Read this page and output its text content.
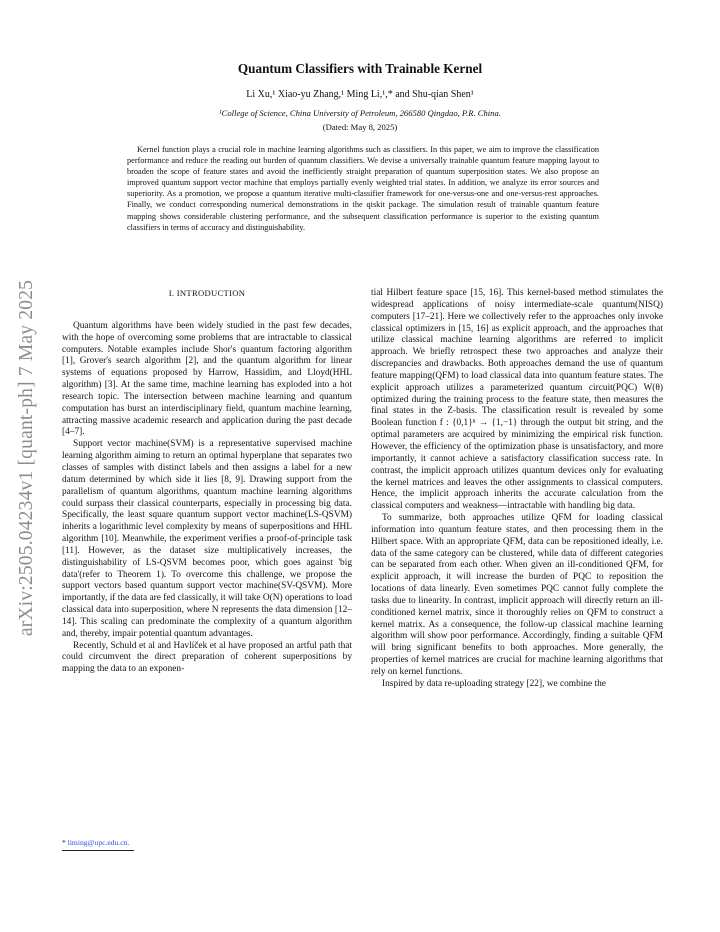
arXiv:2505.04234v1 [quant-ph] 7 May 2025
Quantum Classifiers with Trainable Kernel
Li Xu,¹ Xiao-yu Zhang,¹ Ming Li,¹,* and Shu-qian Shen¹
¹College of Science, China University of Petroleum, 266580 Qingdao, P.R. China.
(Dated: May 8, 2025)
Kernel function plays a crucial role in machine learning algorithms such as classifiers. In this paper, we aim to improve the classification performance and reduce the reading out burden of quantum classifiers. We devise a universally trainable quantum feature mapping layout to broaden the scope of feature states and avoid the inefficiently straight preparation of quantum superposition states. We also propose an improved quantum support vector machine that employs partially evenly weighted trial states. In addition, we analyze its error sources and superiority. As a promotion, we propose a quantum iterative multi-classifier framework for one-versus-one and one-versus-rest approaches. Finally, we conduct corresponding numerical demonstrations in the qiskit package. The simulation result of trainable quantum feature mapping shows considerable clustering performance, and the subsequent classification performance is superior to the existing quantum classifiers in terms of accuracy and distinguishability.
I. INTRODUCTION

Quantum algorithms have been widely studied in the past few decades, with the hope of overcoming some problems that are intractable to classical computers. Notable examples include Shor's quantum factoring algorithm [1], Grover's search algorithm [2], and the quantum algorithm for linear systems of equations proposed by Harrow, Hassidim, and Lloyd(HHL algorithm) [3]. At the same time, machine learning has exploded into a hot research topic. The intersection between machine learning and quantum computation has burst an interdisciplinary field, quantum machine learning, attracting massive academic research and application during the past decade [4–7].

Support vector machine(SVM) is a representative supervised machine learning algorithm aiming to return an optimal hyperplane that separates two classes of samples with distinct labels and then assigns a label for a new datum determined by which side it lies [8, 9]. Drawing support from the parallelism of quantum algorithms, quantum machine learning algorithms could surpass their classical counterparts, especially in processing big data. Specifically, the least square quantum support vector machine(LS-QSVM) inherits a logarithmic level complexity by means of superpositions and HHL algorithm [10]. Meanwhile, the experiment verifies a proof-of-principle task [11]. However, as the dataset size multiplicatively increases, the distinguishability of LS-QSVM becomes poor, which goes against 'big data'(refer to Theorem 1). To overcome this challenge, we propose the support vectors based quantum support vector machine(SV-QSVM). More importantly, if the data are fed classically, it will take O(N) operations to load classical data into superposition, where N represents the data dimension [12–14]. This scaling can predominate the complexity of a quantum algorithm and, thereby, impair potential quantum advantages.

Recently, Schuld et al and Havlíček et al have proposed an artful path that could circumvent the direct preparation of coherent superpositions by mapping the data to an exponen-

tial Hilbert feature space [15, 16]. This kernel-based method stimulates the widespread applications of noisy intermediate-scale quantum(NISQ) computers [17–21]. Here we collectively refer to the approaches only invoke classical optimizers in [15, 16] as explicit approach, and the approaches that utilize classical machine learning algorithms are referred to implicit approach. We briefly retrospect these two approaches and analyze their discrepancies and drawbacks. Both approaches demand the use of quantum feature mapping(QFM) to load classical data into quantum feature states. The explicit approach utilizes a parameterized quantum circuit(PQC) W(θ) optimized during the training process to the feature state, then measures the final states in the Z-basis. The classification result is revealed by some Boolean function f : {0,1}ⁿ → {1,−1} through the output bit string, and the optimal parameters are acquired by minimizing the empirical risk function. However, the efficiency of the optimization phase is unsatisfactory, and more importantly, it cannot achieve a satisfactory classification success rate. In contrast, the implicit approach utilizes quantum devices only for evaluating the kernel matrices and leaves the other assignments to classical computers. Hence, the implicit approach inherits the accurate calculation from the classical computers and weakness—intractable with handling big data.

To summarize, both approaches utilize QFM for loading classical information into quantum feature states, and then processing them in the Hilbert space. With an appropriate QFM, data can be repositioned ideally, i.e. data of the same category can be clustered, while data of different categories can be separated from each other. When given an ill-conditioned QFM, for explicit approach, it will increase the burden of PQC to reposition the locations of data linearly. Even sometimes PQC cannot fully complete the tasks due to linearity. In contrast, implicit approach will directly return an ill-conditioned kernel matrix, since it thoroughly relies on QFM to construct a kernel matrix. As a consequence, the follow-up classical machine learning algorithm will show poor performance. Accordingly, finding a suitable QFM will bring significant benefits to both approaches. More generally, the properties of kernel matrices are crucial for machine learning algorithms that rely on kernel functions.

Inspired by data re-uploading strategy [22], we combine the

* liming@upc.edu.cn.
